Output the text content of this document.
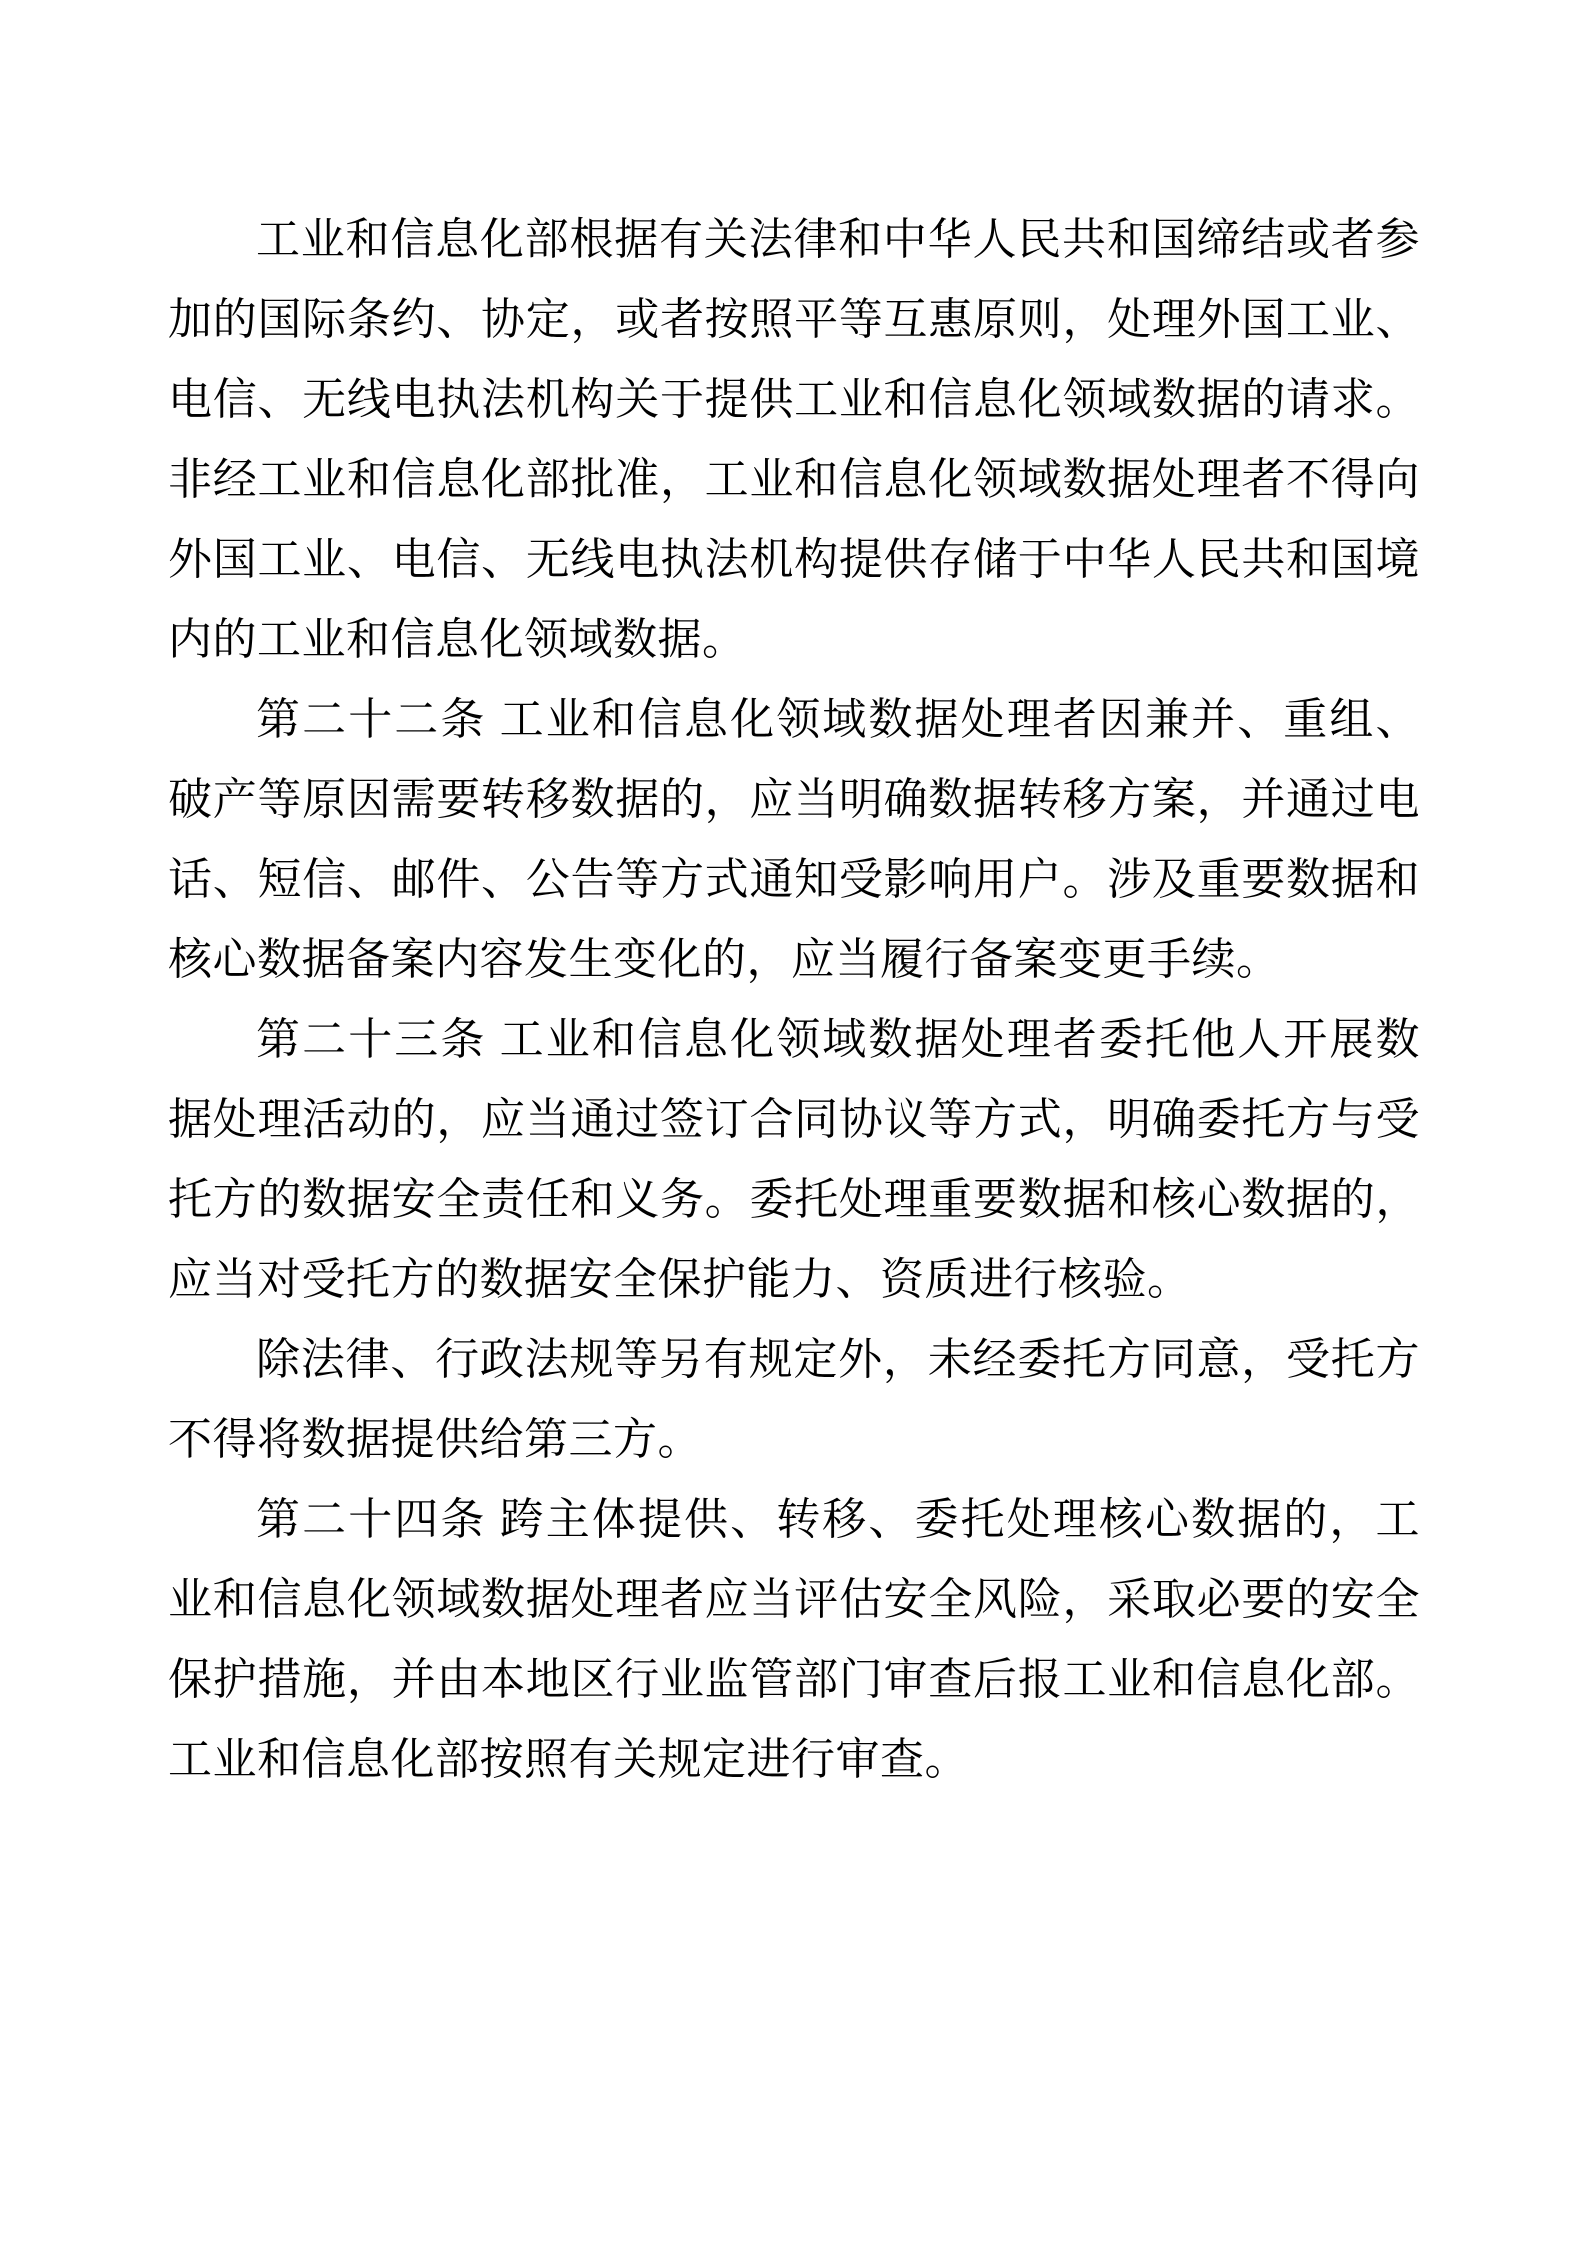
工业和信息化部根据有关法律和中华人民共和国缔结或者参加的国际条约、协定，或者按照平等互惠原则，处理外国工业、电信、无线电执法机构关于提供工业和信息化领域数据的请求。非经工业和信息化部批准，工业和信息化领域数据处理者不得向外国工业、电信、无线电执法机构提供存储于中华人民共和国境内的工业和信息化领域数据。

第二十二条 工业和信息化领域数据处理者因兼并、重组、破产等原因需要转移数据的，应当明确数据转移方案，并通过电话、短信、邮件、公告等方式通知受影响用户。涉及重要数据和核心数据备案内容发生变化的，应当履行备案变更手续。

第二十三条 工业和信息化领域数据处理者委托他人开展数据处理活动的，应当通过签订合同协议等方式，明确委托方与受托方的数据安全责任和义务。委托处理重要数据和核心数据的，应当对受托方的数据安全保护能力、资质进行核验。

除法律、行政法规等另有规定外，未经委托方同意，受托方不得将数据提供给第三方。

第二十四条 跨主体提供、转移、委托处理核心数据的，工业和信息化领域数据处理者应当评估安全风险，采取必要的安全保护措施，并由本地区行业监管部门审查后报工业和信息化部。工业和信息化部按照有关规定进行审查。
